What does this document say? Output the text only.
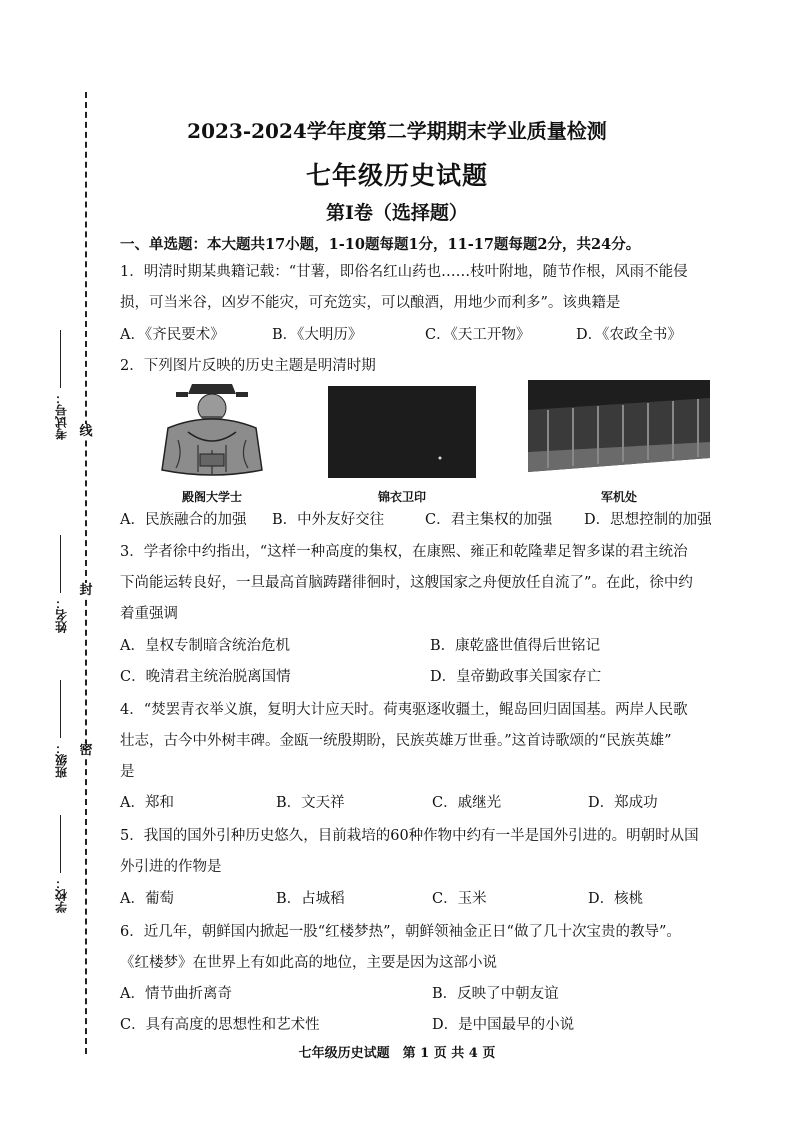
线
封
密
考试号：
姓名：
班级：
学校：
2023-2024学年度第二学期期末学业质量检测
七年级历史试题
第Ⅰ卷（选择题）
一、单选题：本大题共17小题，1-10题每题1分，11-17题每题2分，共24分。
1．明清时期某典籍记载：“甘薯，即俗名红山药也……枝叶附地，随节作根，风雨不能侵
损，可当米谷，凶岁不能灾，可充笾实，可以酿酒，用地少而利多”。该典籍是
A．《齐民要术》	B．《大明历》	C．《天工开物》	D．《农政全书》
2．下列图片反映的历史主题是明清时期
殿阁大学士	锦衣卫印	军机处
A．民族融合的加强 B．中外友好交往	C．君主集权的加强 D．思想控制的加强
3．学者徐中约指出，“这样一种高度的集权，在康熙、雍正和乾隆辈足智多谋的君主统治
下尚能运转良好，一旦最高首脑踌躇徘徊时，这艘国家之舟便放任自流了”。在此，徐中约
着重强调
A．皇权专制暗含统治危机	B．康乾盛世值得后世铭记
C．晚清君主统治脱离国情	D．皇帝勤政事关国家存亡
4．“焚罢青衣举义旗，复明大计应天时。荷夷驱逐收疆土，鲲岛回归固国基。两岸人民歌
壮志，古今中外树丰碑。金瓯一统殷期盼，民族英雄万世垂。”这首诗歌颂的“民族英雄”
是
A．郑和	B．文天祥	C．戚继光	D．郑成功
5．我国的国外引种历史悠久，目前栽培的60种作物中约有一半是国外引进的。明朝时从国
外引进的作物是
A．葡萄	B．占城稻	C．玉米	D．核桃
6．近几年，朝鲜国内掀起一股“红楼梦热”，朝鲜领袖金正日“做了几十次宝贵的教导”。
《红楼梦》在世界上有如此高的地位，主要是因为这部小说
A．情节曲折离奇	B．反映了中朝友谊
C．具有高度的思想性和艺术性	D．是中国最早的小说
七年级历史试题　第 1 页 共 4 页
